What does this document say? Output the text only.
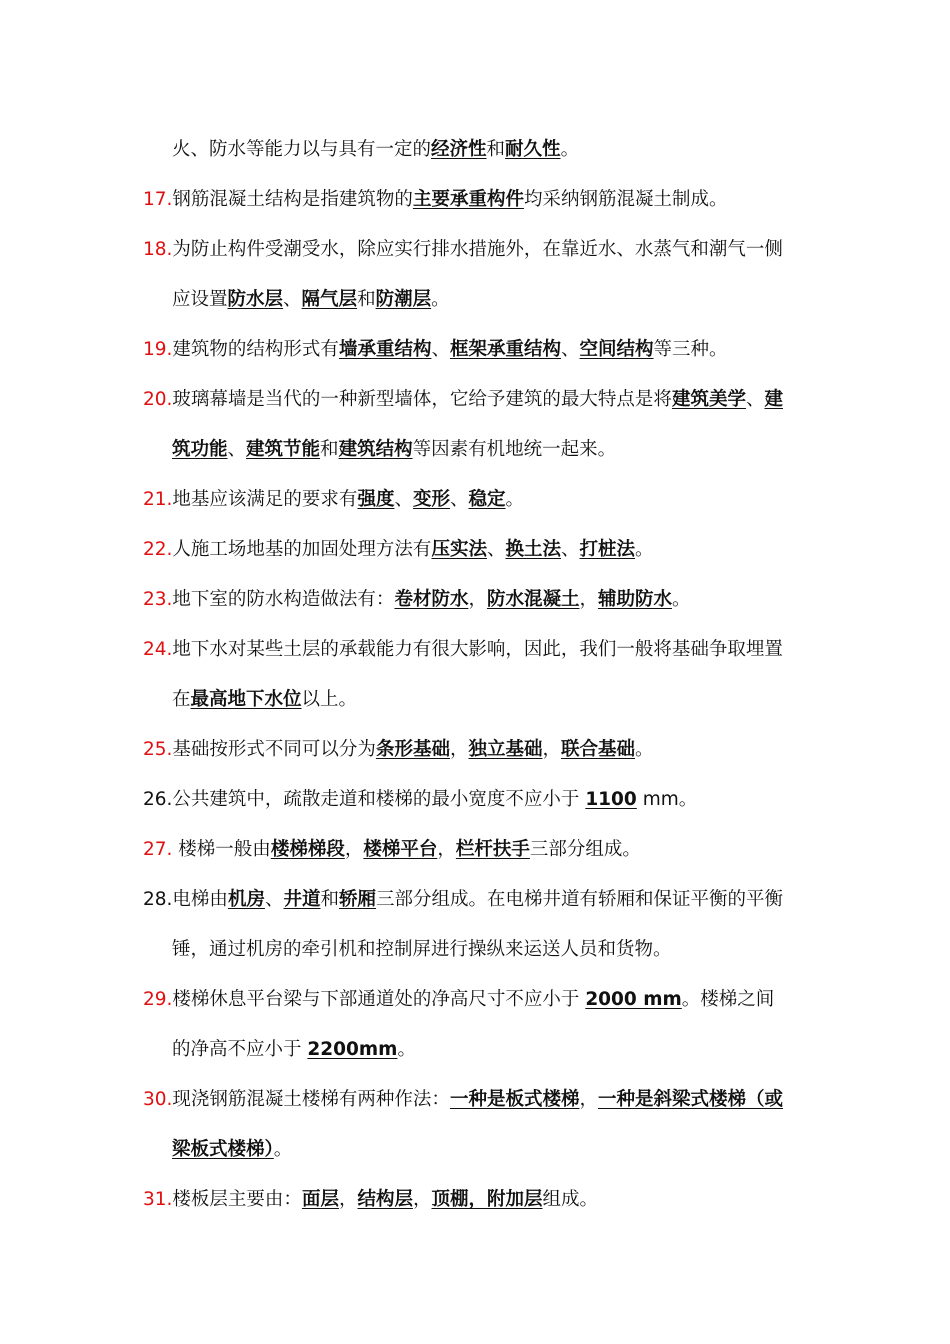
火、防水等能力以与具有一定的经济性和耐久性。
17.钢筋混凝土结构是指建筑物的主要承重构件均采纳钢筋混凝土制成。
18.为防止构件受潮受水，除应实行排水措施外，在靠近水、水蒸气和潮气一侧
应设置防水层、隔气层和防潮层。
19.建筑物的结构形式有墙承重结构、框架承重结构、空间结构等三种。
20.玻璃幕墙是当代的一种新型墙体，它给予建筑的最大特点是将建筑美学、建
筑功能、建筑节能和建筑结构等因素有机地统一起来。
21.地基应该满足的要求有强度、变形、稳定。
22.人施工场地基的加固处理方法有压实法、换土法、打桩法。
23.地下室的防水构造做法有：卷材防水，防水混凝土，辅助防水。
24.地下水对某些土层的承载能力有很大影响，因此，我们一般将基础争取埋置
在最高地下水位以上。
25.基础按形式不同可以分为条形基础，独立基础，联合基础。
26.公共建筑中，疏散走道和楼梯的最小宽度不应小于 1100 mm。
27. 楼梯一般由楼梯梯段，楼梯平台，栏杆扶手三部分组成。
28.电梯由机房、井道和轿厢三部分组成。在电梯井道有轿厢和保证平衡的平衡
锤，通过机房的牵引机和控制屏进行操纵来运送人员和货物。
29.楼梯休息平台梁与下部通道处的净高尺寸不应小于 2000 mm。楼梯之间
的净高不应小于 2200mm。
30.现浇钢筋混凝土楼梯有两种作法：一种是板式楼梯，一种是斜梁式楼梯（或
梁板式楼梯）。
31.楼板层主要由：面层，结构层，顶棚，附加层组成。
